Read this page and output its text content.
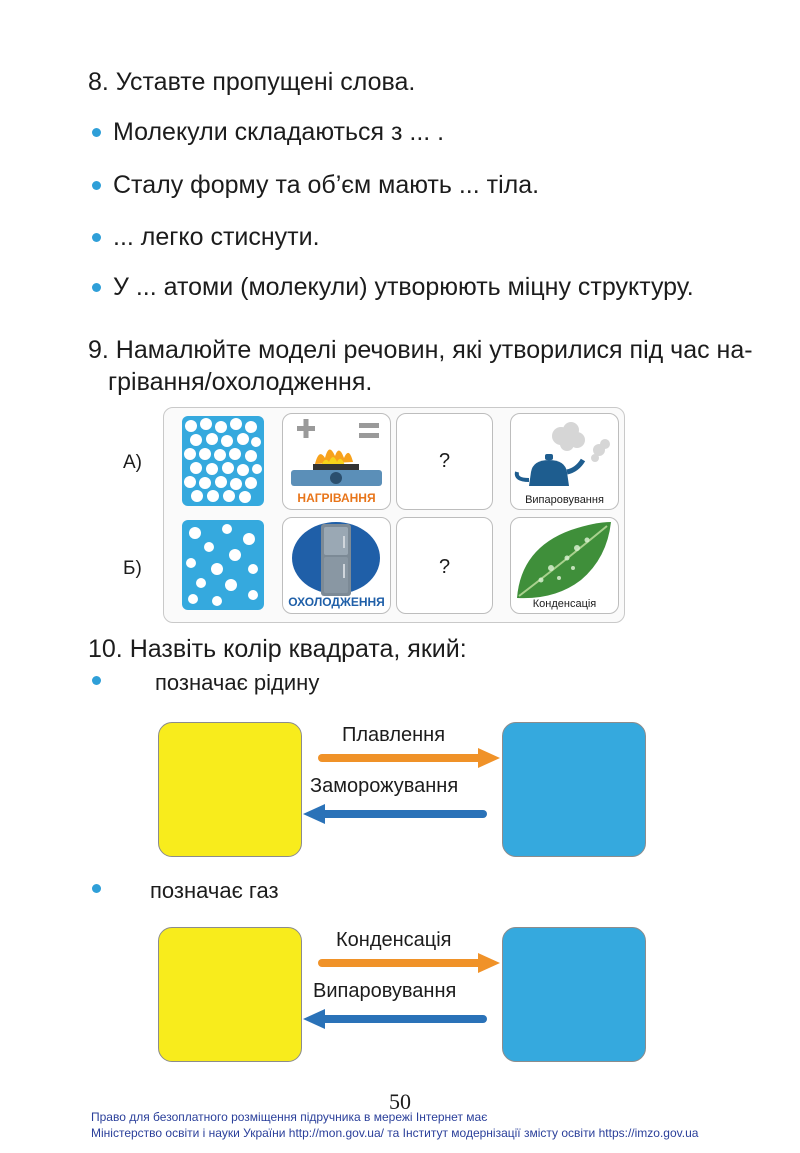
8. Уставте пропущені слова.
Молекули складаються з ... .
Сталу форму та об’єм мають ... тіла.
... легко стиснути.
У ... атоми (молекули) утворюють міцну структуру.
9. Намалюйте моделі речовин, які утворилися під час на-
грівання/охолодження.
А)
Б)
НАГРІВАННЯ
?
Випаровування
ОХОЛОДЖЕННЯ
?
Конденсація
10. Назвіть колір квадрата, який:
позначає рідину
Плавлення
Заморожування
позначає газ
Конденсація
Випаровування
50
Право для безоплатного розміщення підручника в мережі Інтернет має
Міністерство освіти і науки України http://mon.gov.ua/ та Інститут модернізації змісту освіти https://imzo.gov.ua
